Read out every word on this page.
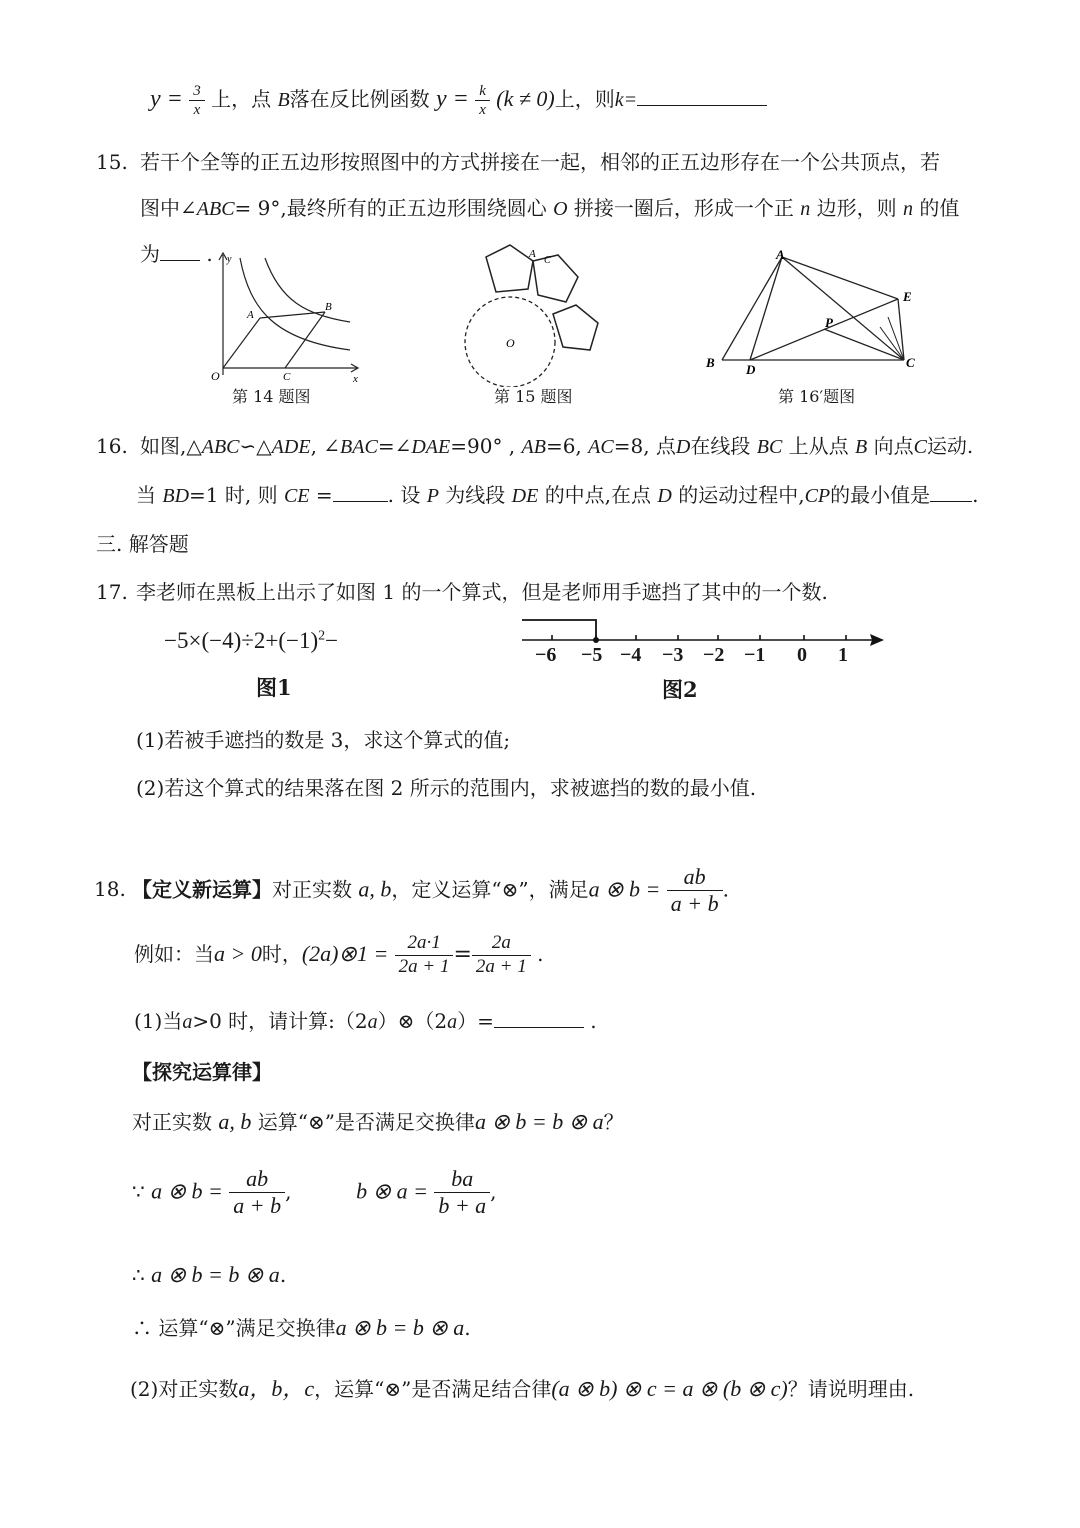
$y = \frac{3}{x}$ 上，点 B落在反比例函数 $y = \frac{k}{x} (k \ne 0)$上，则k=
15. 若干个全等的正五边形按照图中的方式拼接在一起，相邻的正五边形存在一个公共顶点，若
图中∠ABC= 9°,最终所有的正五边形围绕圆心 O 拼接一圈后，形成一个正 n 边形，则 n 的值
为 . y
x
O
A
B
C
第 14 题图
A
C
O
第 15 题图
A
B	C
D
E
P
第 16′题图
16. 如图,△ABC∽△ADE, ∠BAC=∠DAE=90° , AB=6, AC=8, 点D在线段 BC 上从点 B 向点C运动.
当 BD=1 时, 则 CE =	. 设 P 为线段 DE 的中点,在点 D 的运动过程中,CP的最小值是 .
三. 解答题
17. 李老师在黑板上出示了如图 1 的一个算式，但是老师用手遮挡了其中的一个数.
$-5\times(-4)\div 2+(-1)^2-$
图1
−6 −5 −4 −3 −2 −1 0 1
图2
(1)若被手遮挡的数是 3，求这个算式的值;
(2)若这个算式的结果落在图 2 所示的范围内，求被遮挡的数的最小值.
18. 【定义新运算】对正实数 a, b，定义运算“⊗”，满足a ⊗ $b = \frac{ab}{a + b}$ .
例如：当a > 0时，(2a)⊗1 = $\frac{2a\cdot 1}{2a + 1} = \frac{2a}{2a + 1}$ .
(1)当a>0 时，请计算:（2a）⊗（2a）=	.
【探究运算律】
对正实数 a, b 运算“⊗”是否满足交换律a ⊗ b = b ⊗ a？
∵ a ⊗ $b = \frac{ab}{a + b}$ ,	b ⊗ $a = \frac{ba}{b + a}$ ,
∴ a ⊗ b = b ⊗ a.
∴ 运算“⊗”满足交换律a ⊗ b = b ⊗ a.
(2)对正实数a，b，c，运算“⊗”是否满足结合律(a ⊗ b) ⊗ c = a ⊗ (b ⊗ c)？请说明理由.
